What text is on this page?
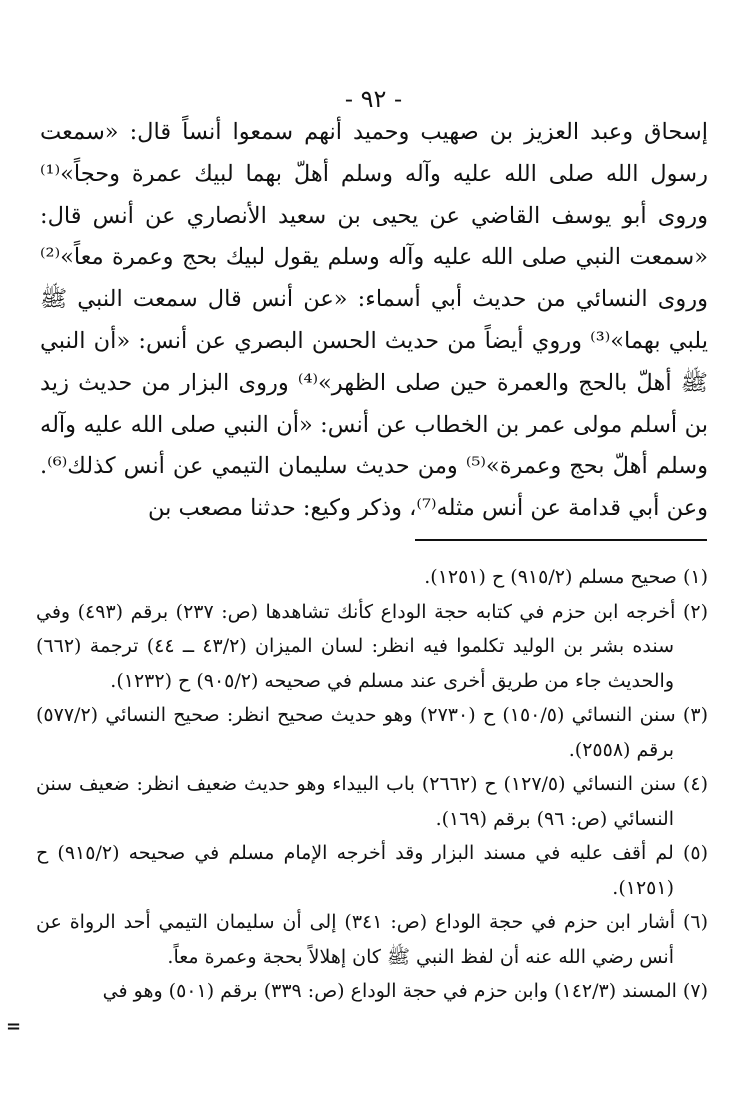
- ٩٢ -

إسحاق وعبد العزيز بن صهيب وحميد أنهم سمعوا أنساً قال: «سمعت رسول الله صلى الله عليه وآله وسلم أهلّ بهما لبيك عمرة وحجاً»⁽¹⁾ وروى أبو يوسف القاضي عن يحيى بن سعيد الأنصاري عن أنس قال: «سمعت النبي صلى الله عليه وآله وسلم يقول لبيك بحج وعمرة معاً»⁽²⁾ وروى النسائي من حديث أبي أسماء: «عن أنس قال سمعت النبي ﷺ يلبي بهما»⁽³⁾ وروي أيضاً من حديث الحسن البصري عن أنس: «أن النبي ﷺ أهلّ بالحج والعمرة حين صلى الظهر»⁽⁴⁾ وروى البزار من حديث زيد بن أسلم مولى عمر بن الخطاب عن أنس: «أن النبي صلى الله عليه وآله وسلم أهلّ بحج وعمرة»⁽⁵⁾ ومن حديث سليمان التيمي عن أنس كذلك⁽⁶⁾. وعن أبي قدامة عن أنس مثله⁽⁷⁾، وذكر وكيع: حدثنا مصعب بن

(١) صحيح مسلم (٩١٥/٢) ح (١٢٥١).

(٢) أخرجه ابن حزم في كتابه حجة الوداع كأنك تشاهدها (ص: ٢٣٧) برقم (٤٩٣) وفي سنده بشر بن الوليد تكلموا فيه انظر: لسان الميزان (٤٣/٢ ــ ٤٤) ترجمة (٦٦٢) والحديث جاء من طريق أخرى عند مسلم في صحيحه (٩٠٥/٢) ح (١٢٣٢).

(٣) سنن النسائي (١٥٠/٥) ح (٢٧٣٠) وهو حديث صحيح انظر: صحيح النسائي (٥٧٧/٢) برقم (٢٥٥٨).

(٤) سنن النسائي (١٢٧/٥) ح (٢٦٦٢) باب البيداء وهو حديث ضعيف انظر: ضعيف سنن النسائي (ص: ٩٦) برقم (١٦٩).

(٥) لم أقف عليه في مسند البزار وقد أخرجه الإمام مسلم في صحيحه (٩١٥/٢) ح (١٢٥١).

(٦) أشار ابن حزم في حجة الوداع (ص: ٣٤١) إلى أن سليمان التيمي أحد الرواة عن أنس رضي الله عنه أن لفظ النبي ﷺ كان إهلالاً بحجة وعمرة معاً.

(٧) المسند (١٤٢/٣) وابن حزم في حجة الوداع (ص: ٣٣٩) برقم (٥٠١) وهو في

=
